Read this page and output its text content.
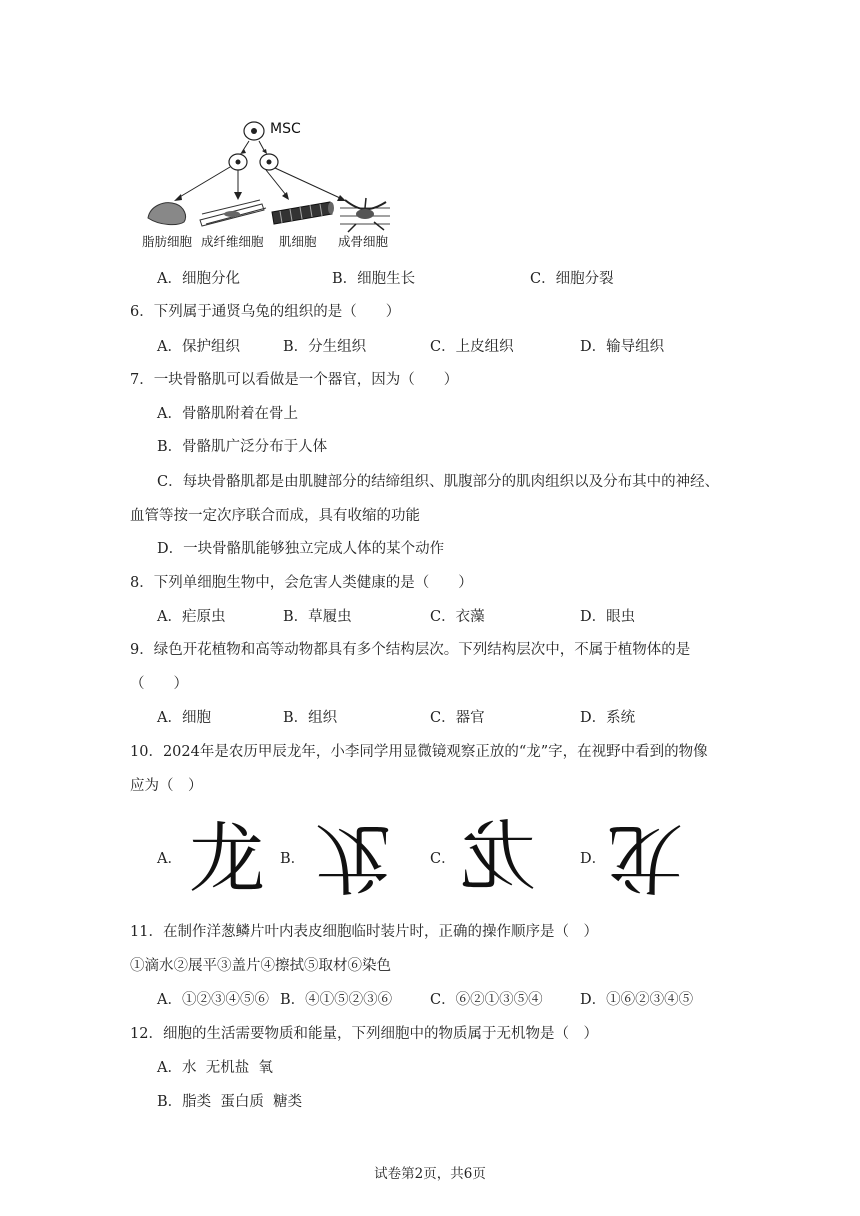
MSC
脂肪细胞 成纤维细胞 肌细胞 成骨细胞
A．细胞分化	B．细胞生长	C．细胞分裂
6．下列属于通贤乌兔的组织的是（　　）
A．保护组织	B．分生组织	C．上皮组织	D．输导组织
7．一块骨骼肌可以看做是一个器官，因为（　　）
A．骨骼肌附着在骨上
B．骨骼肌广泛分布于人体
C．每块骨骼肌都是由肌腱部分的结缔组织、肌腹部分的肌肉组织以及分布其中的神经、
血管等按一定次序联合而成，具有收缩的功能
D．一块骨骼肌能够独立完成人体的某个动作
8．下列单细胞生物中，会危害人类健康的是（　　）
A．疟原虫	B．草履虫	C．衣藻	D．眼虫
9．绿色开花植物和高等动物都具有多个结构层次。下列结构层次中，不属于植物体的是
（　　）
A．细胞	B．组织	C．器官	D．系统
10．2024年是农历甲辰龙年，小李同学用显微镜观察正放的“龙”字，在视野中看到的物像
应为（　）
A． 龙	B． 龙	C． 龙	D． 龙
11．在制作洋葱鳞片叶内表皮细胞临时装片时，正确的操作顺序是（　）
①滴水②展平③盖片④擦拭⑤取材⑥染色
A．①②③④⑤⑥ B．④①⑤②③⑥	C．⑥②①③⑤④	D．①⑥②③④⑤
12．细胞的生活需要物质和能量，下列细胞中的物质属于无机物是（　）
A．水  无机盐  氧
B．脂类  蛋白质  糖类
试卷第2页，共6页
